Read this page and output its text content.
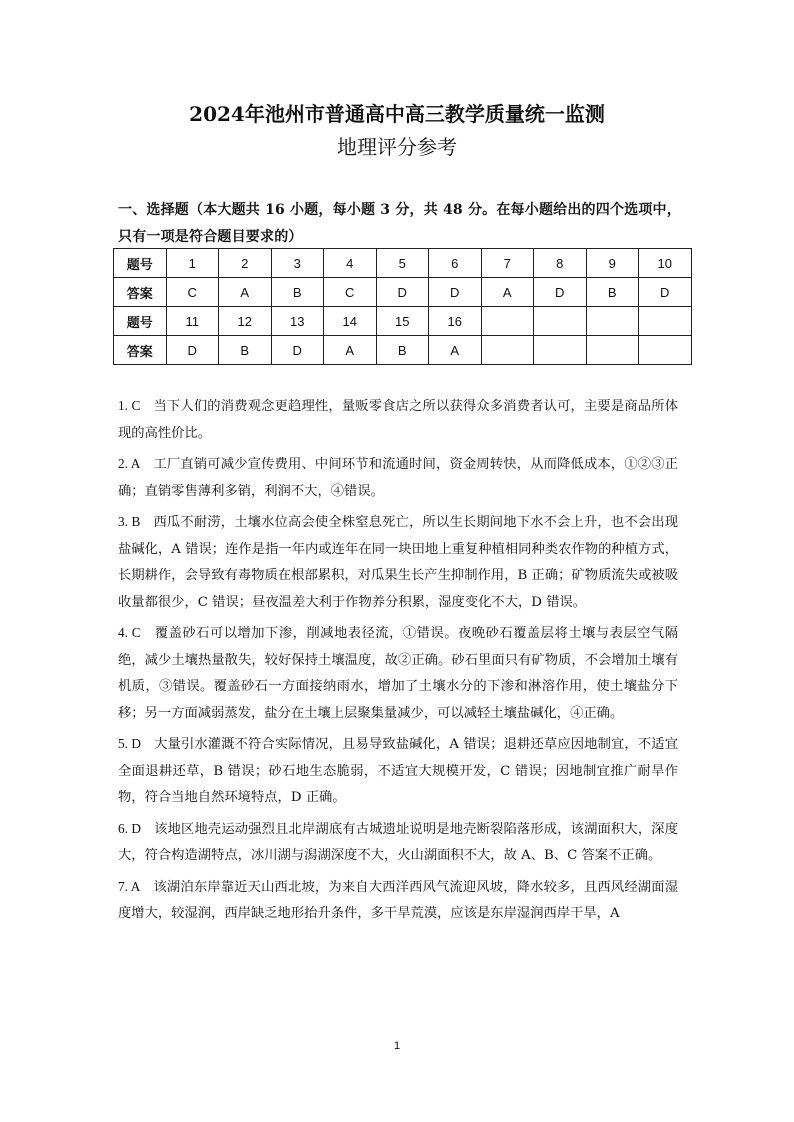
2024年池州市普通高中高三教学质量统一监测
地理评分参考
一、选择题（本大题共 16 小题，每小题 3 分，共 48 分。在每小题给出的四个选项中，只有一项是符合题目要求的）
题号	1	2	3	4	5	6	7	8	9	10
答案	C	A	B	C	D	D	A	D	B	D
题号	11	12	13	14	15	16				
答案	D	B	D	A	B	A				

1. C 当下人们的消费观念更趋理性，量贩零食店之所以获得众多消费者认可，主要是商品所体现的高性价比。

2. A 工厂直销可减少宣传费用、中间环节和流通时间，资金周转快，从而降低成本，①②③正确；直销零售薄利多销，利润不大，④错误。

3. B 西瓜不耐涝，土壤水位高会使全株窒息死亡，所以生长期间地下水不会上升，也不会出现盐碱化，A 错误；连作是指一年内或连年在同一块田地上重复种植相同种类农作物的种植方式，长期耕作，会导致有毒物质在根部累积，对瓜果生长产生抑制作用，B 正确；矿物质流失或被吸收量都很少，C 错误；昼夜温差大利于作物养分积累，湿度变化不大，D 错误。

4. C 覆盖砂石可以增加下渗，削减地表径流，①错误。夜晚砂石覆盖层将土壤与表层空气隔绝，减少土壤热量散失，较好保持土壤温度，故②正确。砂石里面只有矿物质，不会增加土壤有机质，③错误。覆盖砂石一方面接纳雨水，增加了土壤水分的下渗和淋溶作用，使土壤盐分下移；另一方面减弱蒸发，盐分在土壤上层聚集量减少，可以减轻土壤盐碱化，④正确。

5. D 大量引水灌溉不符合实际情况，且易导致盐碱化，A 错误；退耕还草应因地制宜，不适宜全面退耕还草，B 错误；砂石地生态脆弱，不适宜大规模开发，C 错误；因地制宜推广耐旱作物，符合当地自然环境特点，D 正确。

6. D 该地区地壳运动强烈且北岸湖底有古城遗址说明是地壳断裂陷落形成，该湖面积大，深度大，符合构造湖特点，冰川湖与潟湖深度不大，火山湖面积不大，故 A、B、C 答案不正确。

7. A 该湖泊东岸靠近天山西北坡，为来自大西洋西风气流迎风坡，降水较多，且西风经湖面湿度增大，较湿润，西岸缺乏地形抬升条件，多干旱荒漠，应该是东岸湿润西岸干旱，A

1
